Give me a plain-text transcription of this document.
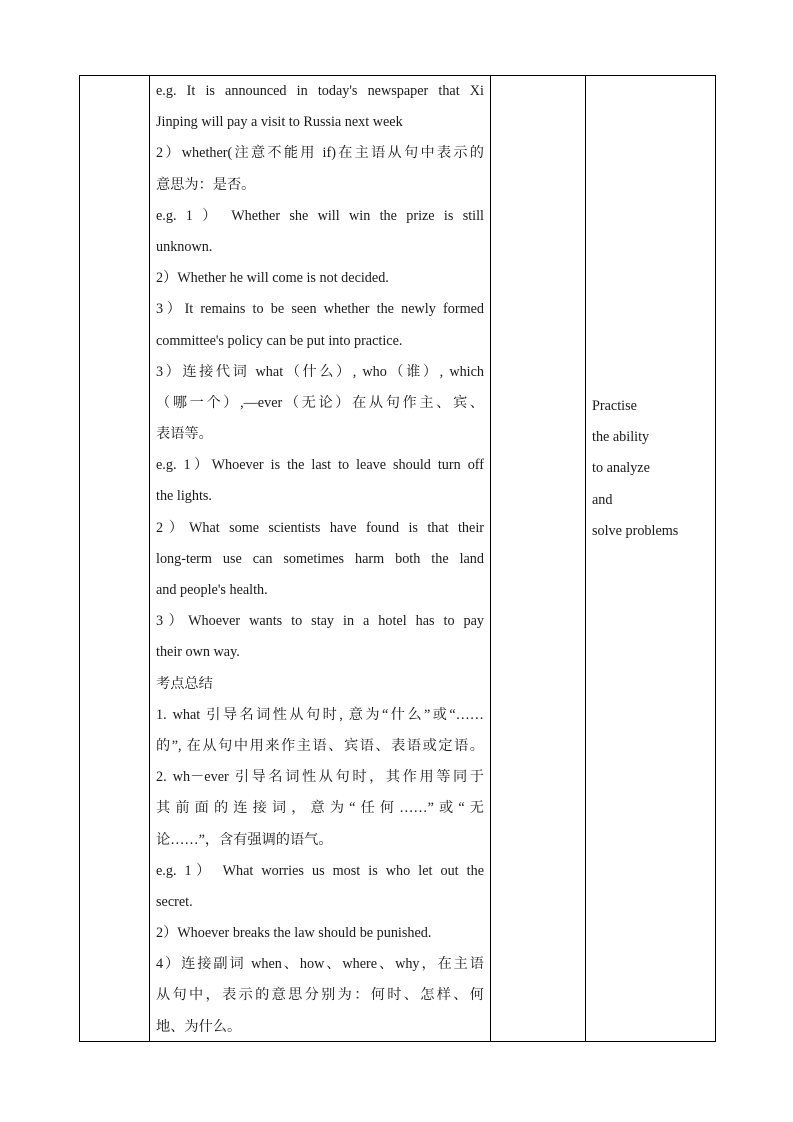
e.g. It is announced in today's newspaper that Xi
Jinping will pay a visit to Russia next week
2）whether(注意不能用 if)在主语从句中表示的
意思为：是否。
e.g. 1 ） Whether she will win the prize is still
unknown.
2）Whether he will come is not decided.
3）It remains to be seen whether the newly formed
committee's policy can be put into practice.
3）连接代词 what（什么）, who（谁）, which
（哪一个）,—ever（无论）在从句作主、宾、
表语等。
e.g. 1）Whoever is the last to leave should turn off
the lights.
2）What some scientists have found is that their
long-term use can sometimes harm both the land
and people's health.
3）Whoever wants to stay in a hotel has to pay
their own way.
考点总结
1. what 引导名词性从句时, 意为“什么”或“……
的”, 在从句中用来作主语、宾语、表语或定语。
2. wh－ever 引导名词性从句时，其作用等同于
其前面的连接词，意为“任何……”或“无
论……”，含有强调的语气。
e.g. 1） What worries us most is who let out the
secret.
2）Whoever breaks the law should be punished.
4）连接副词 when、how、where、why，在主语
从句中，表示的意思分别为：何时、怎样、何
地、为什么。
Practise
the ability
to analyze
and
solve problems
